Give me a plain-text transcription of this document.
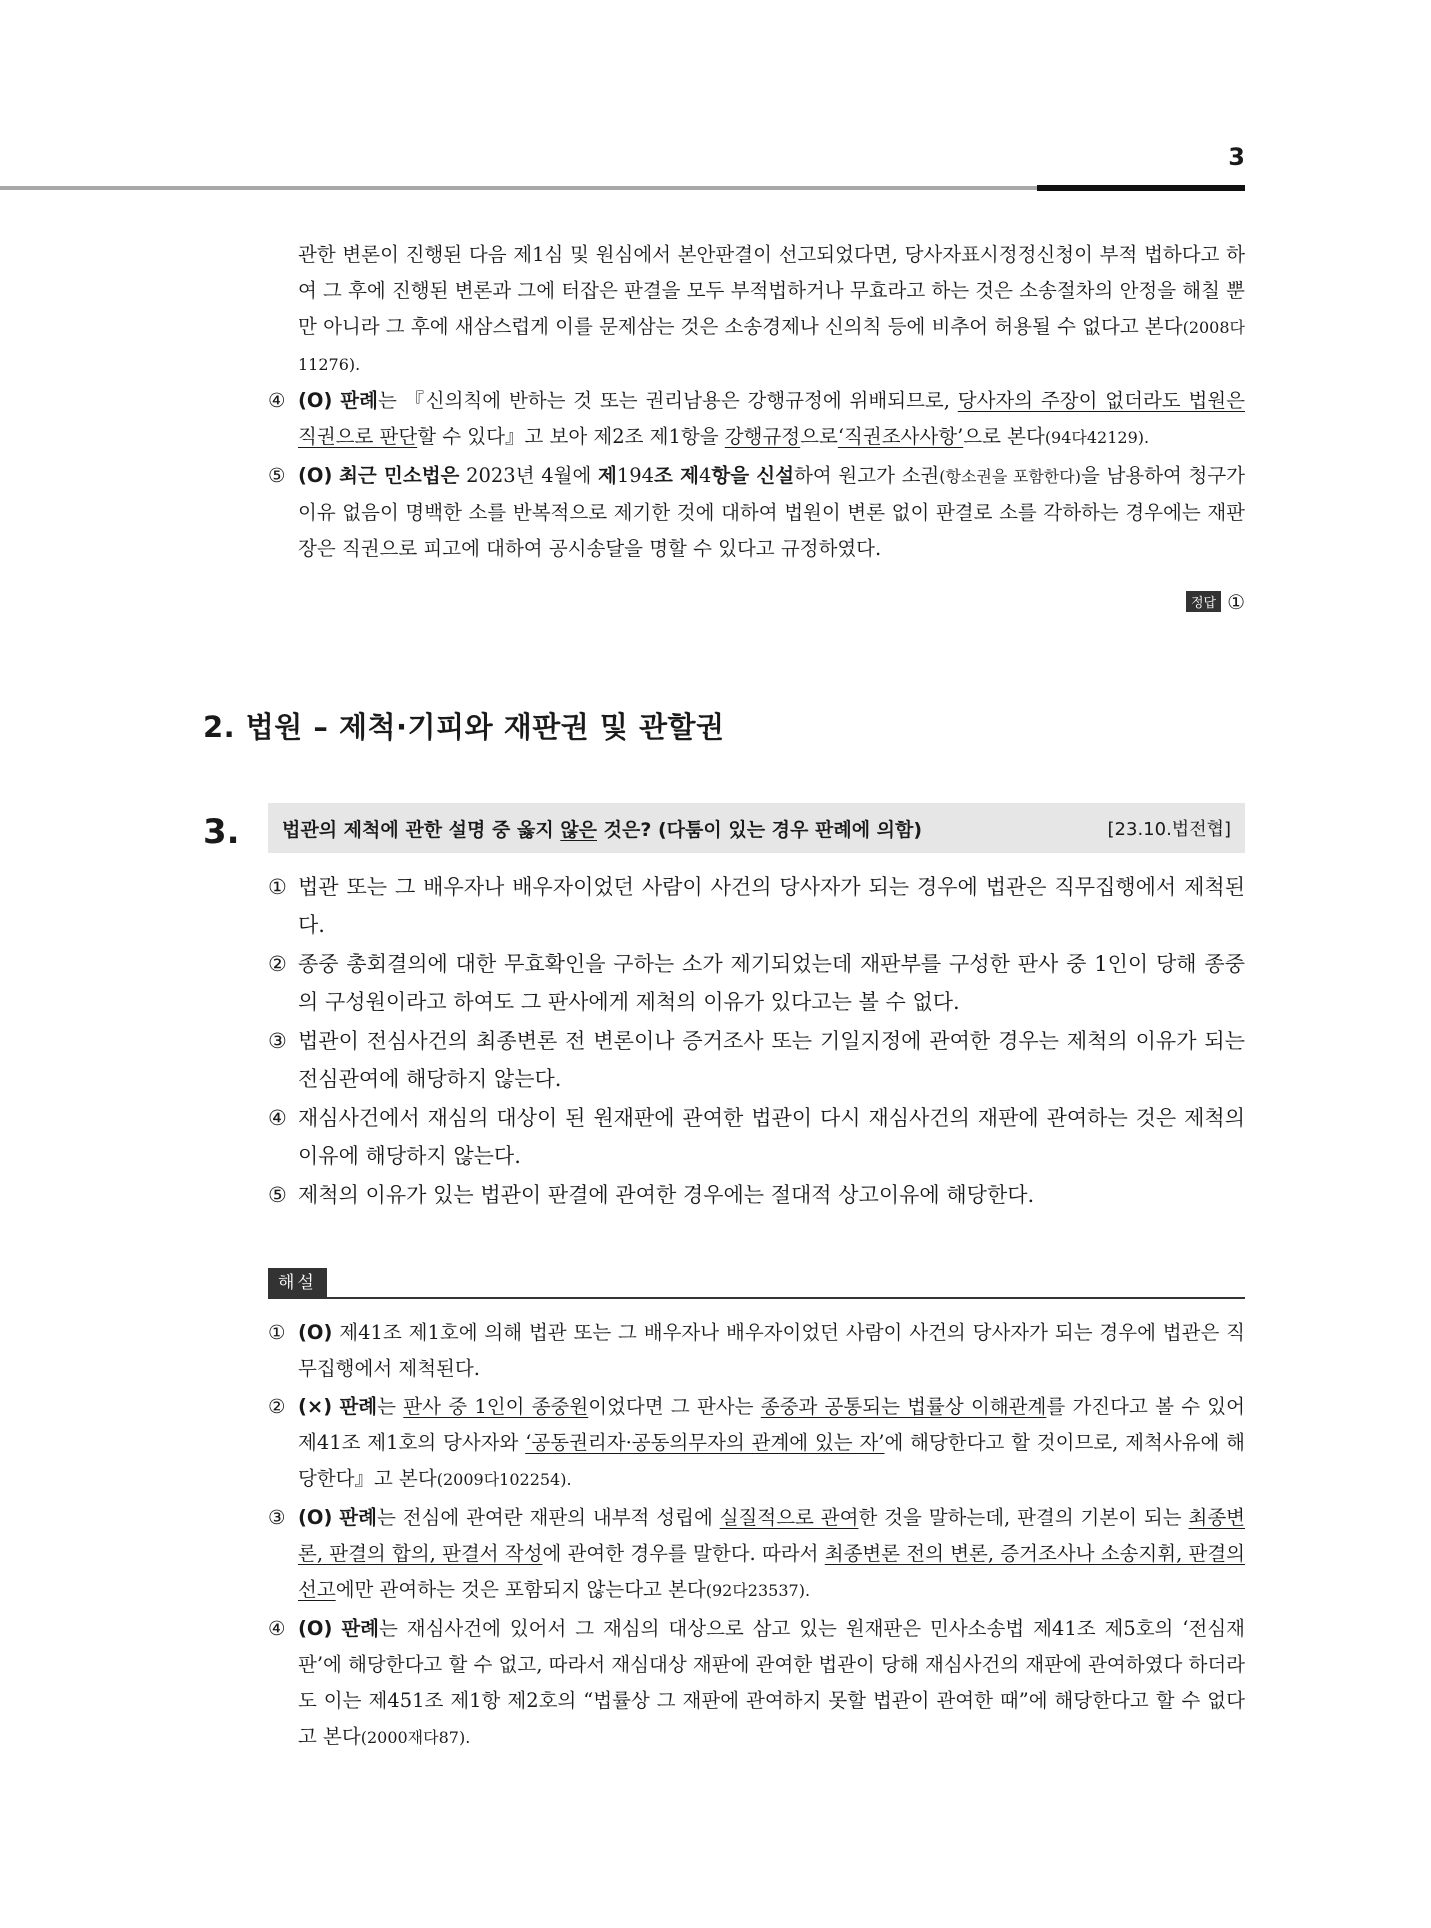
3

관한 변론이 진행된 다음 제1심 및 원심에서 본안판결이 선고되었다면, 당사자표시정정신청이 부적 법하다고 하여 그 후에 진행된 변론과 그에 터잡은 판결을 모두 부적법하거나 무효라고 하는 것은 소송절차의 안정을 해칠 뿐만 아니라 그 후에 새삼스럽게 이를 문제삼는 것은 소송경제나 신의칙 등에 비추어 허용될 수 없다고 본다(2008다11276).

④ (O) 판례는 『신의칙에 반하는 것 또는 권리남용은 강행규정에 위배되므로, 당사자의 주장이 없더라도 법원은 직권으로 판단할 수 있다』고 보아 제2조 제1항을 강행규정으로‘직권조사사항’으로 본다(94다42129).

⑤ (O) 최근 민소법은 2023년 4월에 제194조 제4항을 신설하여 원고가 소권(항소권을 포함한다)을 남용하여 청구가 이유 없음이 명백한 소를 반복적으로 제기한 것에 대하여 법원이 변론 없이 판결로 소를 각하하는 경우에는 재판장은 직권으로 피고에 대하여 공시송달을 명할 수 있다고 규정하였다.

정답 ①
2. 법원 – 제척·기피와 재판권 및 관할권
3. 법관의 제척에 관한 설명 중 옳지 않은 것은? (다툼이 있는 경우 판례에 의함)	[23.10.법전협]

① 법관 또는 그 배우자나 배우자이었던 사람이 사건의 당사자가 되는 경우에 법관은 직무집행에서 제척된다.

② 종중 총회결의에 대한 무효확인을 구하는 소가 제기되었는데 재판부를 구성한 판사 중 1인이 당해 종중의 구성원이라고 하여도 그 판사에게 제척의 이유가 있다고는 볼 수 없다.

③ 법관이 전심사건의 최종변론 전 변론이나 증거조사 또는 기일지정에 관여한 경우는 제척의 이유가 되는 전심관여에 해당하지 않는다.

④ 재심사건에서 재심의 대상이 된 원재판에 관여한 법관이 다시 재심사건의 재판에 관여하는 것은 제척의 이유에 해당하지 않는다.

⑤ 제척의 이유가 있는 법관이 판결에 관여한 경우에는 절대적 상고이유에 해당한다.

해설

① (O) 제41조 제1호에 의해 법관 또는 그 배우자나 배우자이었던 사람이 사건의 당사자가 되는 경우에 법관은 직무집행에서 제척된다.

② (×) 판례는 판사 중 1인이 종중원이었다면 그 판사는 종중과 공통되는 법률상 이해관계를 가진다고 볼 수 있어 제41조 제1호의 당사자와 ‘공동권리자·공동의무자의 관계에 있는 자’에 해당한다고 할 것이므로, 제척사유에 해당한다』고 본다(2009다102254).

③ (O) 판례는 전심에 관여란 재판의 내부적 성립에 실질적으로 관여한 것을 말하는데, 판결의 기본이 되는 최종변론, 판결의 합의, 판결서 작성에 관여한 경우를 말한다. 따라서 최종변론 전의 변론, 증거조사나 소송지휘, 판결의 선고에만 관여하는 것은 포함되지 않는다고 본다(92다23537).

④ (O) 판례는 재심사건에 있어서 그 재심의 대상으로 삼고 있는 원재판은 민사소송법 제41조 제5호의 ‘전심재판’에 해당한다고 할 수 없고, 따라서 재심대상 재판에 관여한 법관이 당해 재심사건의 재판에 관여하였다 하더라도 이는 제451조 제1항 제2호의 “법률상 그 재판에 관여하지 못할 법관이 관여한 때”에 해당한다고 할 수 없다고 본다(2000재다87).
